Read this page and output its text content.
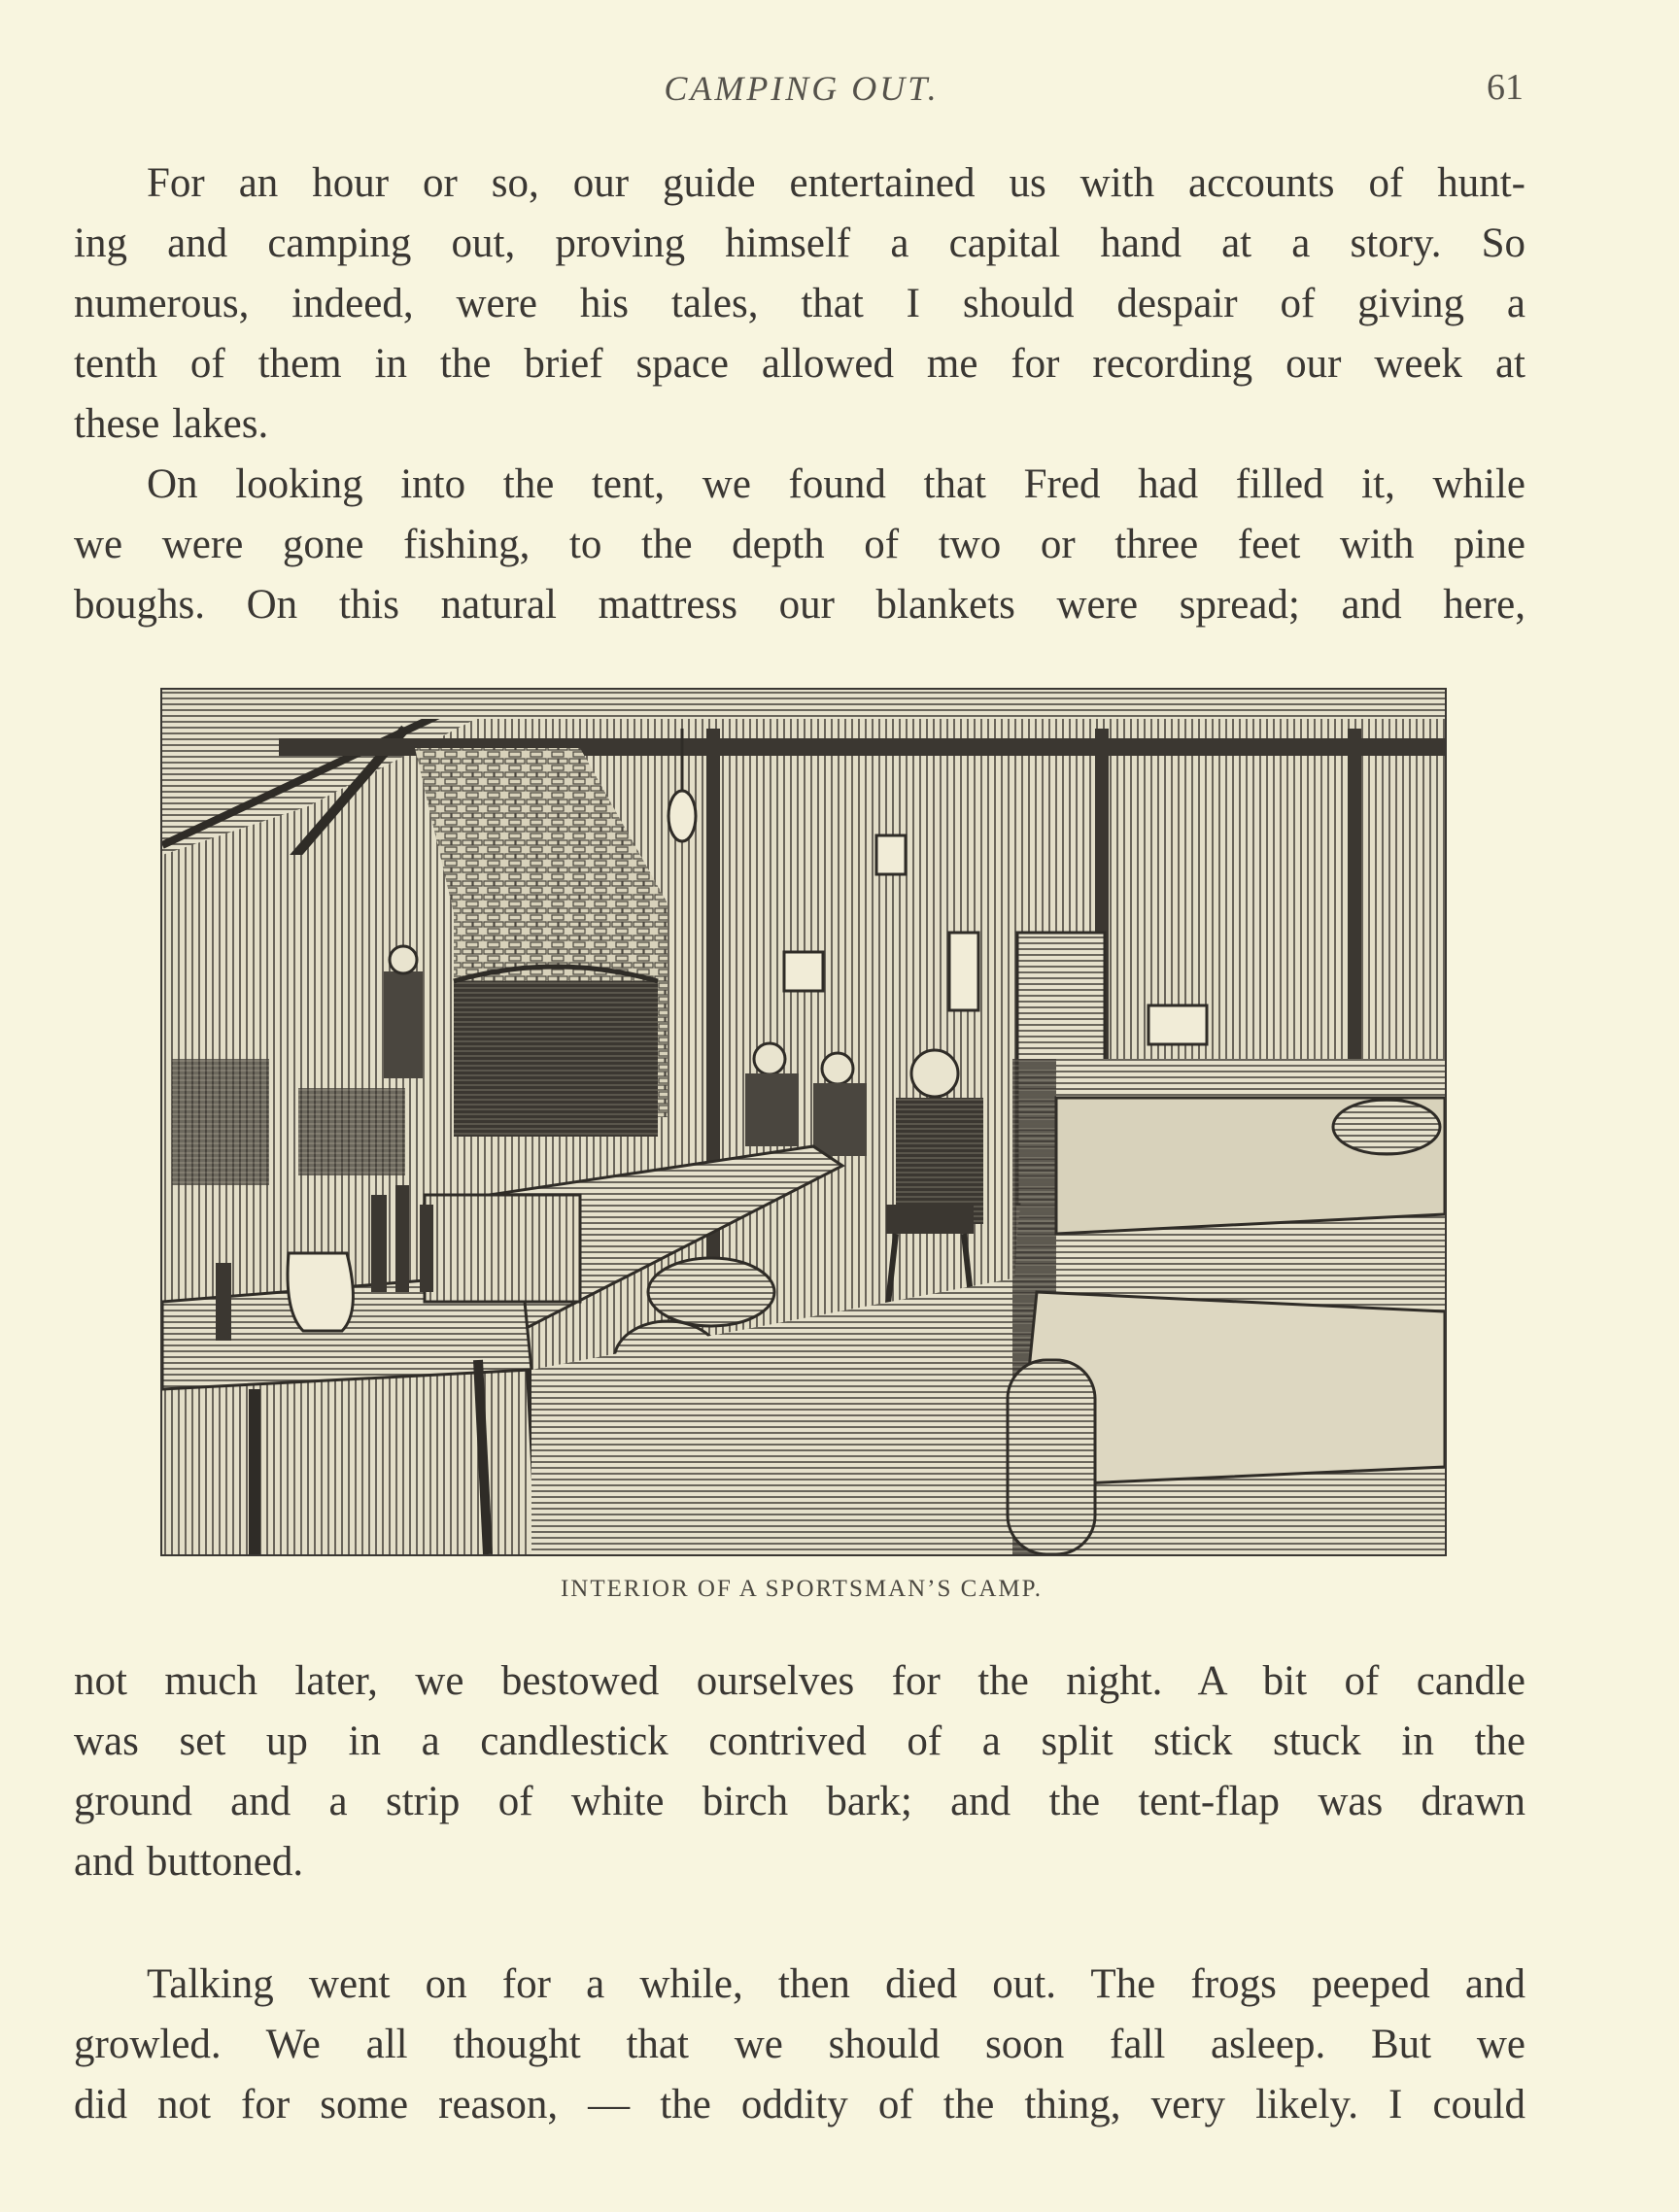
CAMPING OUT.	61
For an hour or so, our guide entertained us with accounts of hunt-
ing and camping out, proving himself a capital hand at a story. So
numerous, indeed, were his tales, that I should despair of giving a
tenth of them in the brief space allowed me for recording our week at
these lakes.
On looking into the tent, we found that Fred had filled it, while
we were gone fishing, to the depth of two or three feet with pine
boughs. On this natural mattress our blankets were spread; and here,
INTERIOR OF A SPORTSMAN’S CAMP.
not much later, we bestowed ourselves for the night. A bit of candle
was set up in a candlestick contrived of a split stick stuck in the
ground and a strip of white birch bark; and the tent-flap was drawn
and buttoned.
Talking went on for a while, then died out. The frogs peeped and
growled. We all thought that we should soon fall asleep. But we
did not for some reason, — the oddity of the thing, very likely. I could
